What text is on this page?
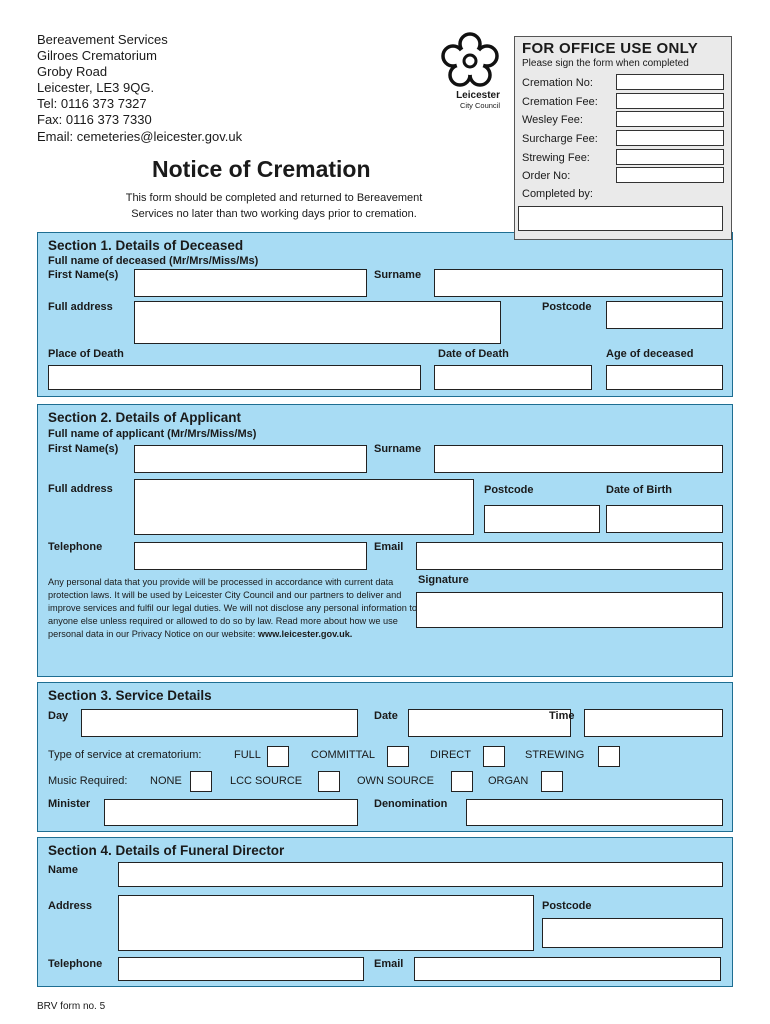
Bereavement Services
Gilroes Crematorium
Groby Road
Leicester, LE3 9QG.
Tel: 0116 373 7327
Fax: 0116 373 7330
Email: cemeteries@leicester.gov.uk
Leicester
City Council
Notice of Cremation
This form should be completed and returned to Bereavement
Services no later than two working days prior to cremation.
Section 1. Details of Deceased
Full name of deceased (Mr/Mrs/Miss/Ms)
First Name(s)	Surname
Full address	Postcode
Place of Death	Date of Death	Age of deceased
Section 2. Details of Applicant
Full name of applicant (Mr/Mrs/Miss/Ms)
First Name(s)	Surname
Full address	Postcode	Date of Birth
Telephone	Email
Signature
Any personal data that you provide will be processed in accordance with current data protection laws. It will be used by Leicester City Council and our partners to deliver and improve services and fulfil our legal duties. We will not disclose any personal information to anyone else unless required or allowed to do so by law. Read more about how we use personal data in our Privacy Notice on our website: www.leicester.gov.uk.
Section 3. Service Details
Day	Date	Time
Type of service at crematorium:	FULL	COMMITTAL	DIRECT	STREWING
Music Required: NONE	LCC SOURCE	OWN SOURCE	ORGAN
Minister	Denomination
Section 4. Details of Funeral Director
Name
Address	Postcode
Telephone	Email
FOR OFFICE USE ONLY
Please sign the form when completed
Cremation No:
Cremation Fee:
Wesley Fee:
Surcharge Fee:
Strewing Fee:
Order No:
Completed by:
BRV form no. 5
